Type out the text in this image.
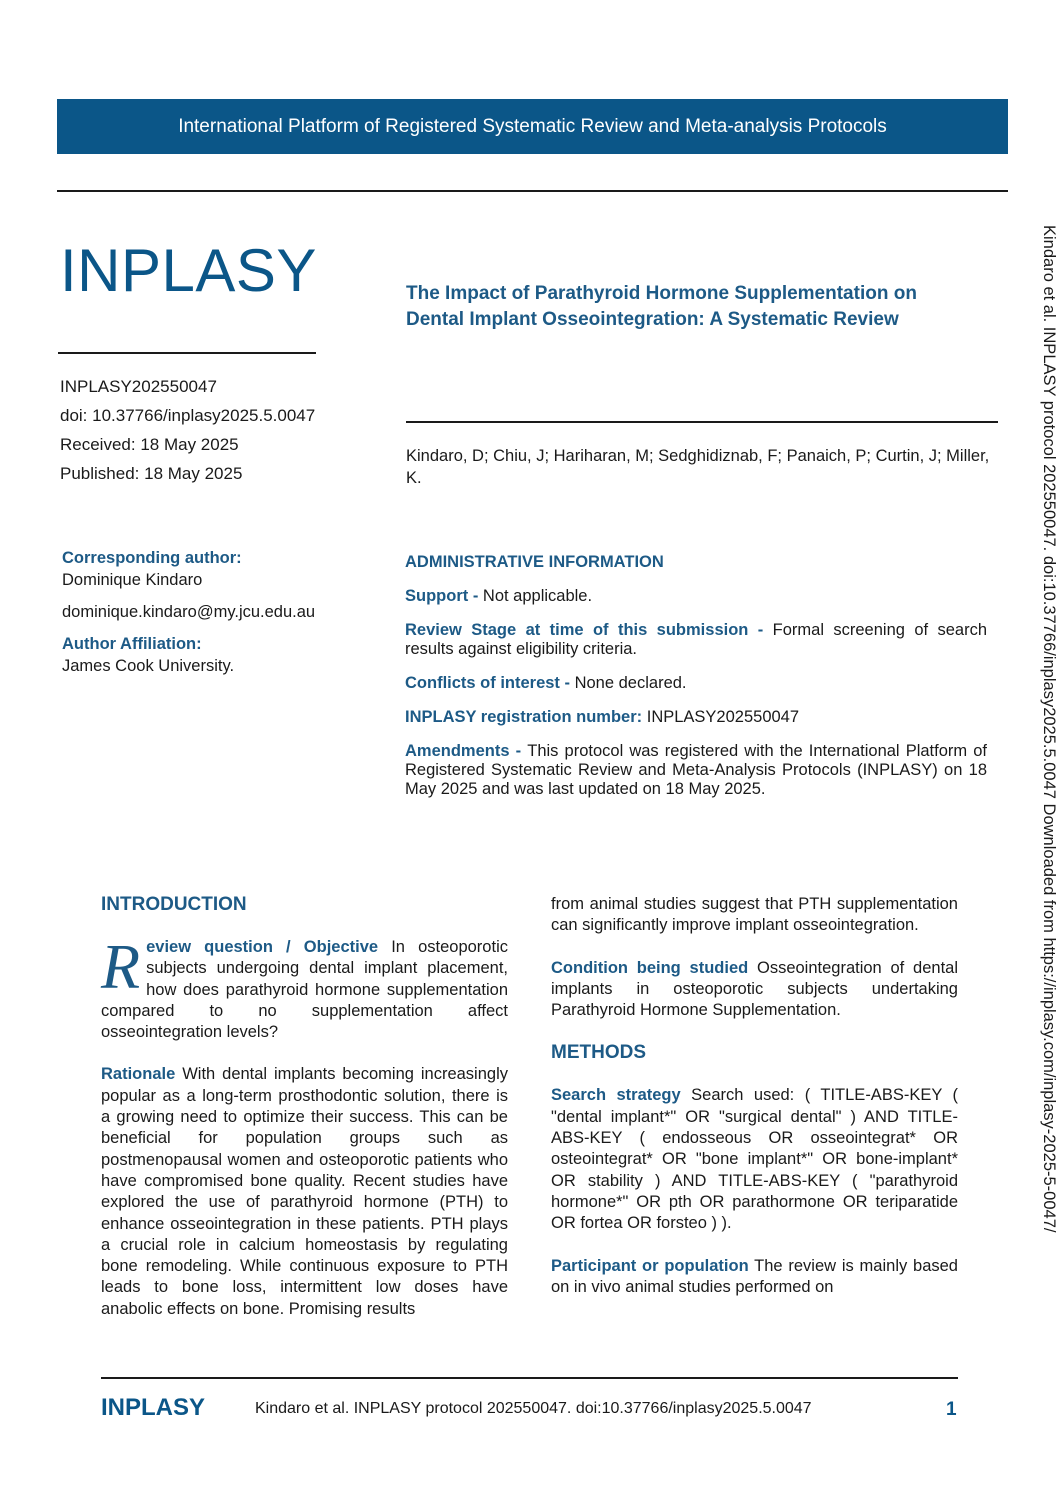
International Platform of Registered Systematic Review and Meta-analysis Protocols
INPLASY
INPLASY202550047
doi: 10.37766/inplasy2025.5.0047
Received: 18 May 2025
Published: 18 May 2025
The Impact of Parathyroid Hormone Supplementation on
Dental Implant Osseointegration: A Systematic Review
Kindaro, D; Chiu, J; Hariharan, M; Sedghidiznab, F; Panaich, P; Curtin, J; Miller, K.
Corresponding author:
Dominique Kindaro
dominique.kindaro@my.jcu.edu.au
Author Affiliation:
James Cook University.
ADMINISTRATIVE INFORMATION

Support - Not applicable.

Review Stage at time of this submission - Formal screening of search results against eligibility criteria.

Conflicts of interest - None declared.

INPLASY registration number: INPLASY202550047

Amendments - This protocol was registered with the International Platform of Registered Systematic Review and Meta-Analysis Protocols (INPLASY) on 18 May 2025 and was last updated on 18 May 2025.

INTRODUCTION

Review question / Objective In osteoporotic subjects undergoing dental implant placement, how does parathyroid hormone supplementation compared to no supplementation affect osseointegration levels?

Rationale With dental implants becoming increasingly popular as a long-term prosthodontic solution, there is a growing need to optimize their success. This can be beneficial for population groups such as postmenopausal women and osteoporotic patients who have compromised bone quality. Recent studies have explored the use of parathyroid hormone (PTH) to enhance osseointegration in these patients. PTH plays a crucial role in calcium homeostasis by regulating bone remodeling. While continuous exposure to PTH leads to bone loss, intermittent low doses have anabolic effects on bone. Promising results

from animal studies suggest that PTH supplementation can significantly improve implant osseointegration.

Condition being studied Osseointegration of dental implants in osteoporotic subjects undertaking Parathyroid Hormone Supplementation.

METHODS

Search strategy Search used: ( TITLE-ABS-KEY ( "dental implant*" OR "surgical dental" ) AND TITLE-ABS-KEY ( endosseous OR osseointegrat* OR osteointegrat* OR "bone implant*" OR bone-implant* OR stability ) AND TITLE-ABS-KEY ( "parathyroid hormone*" OR pth OR parathormone OR teriparatide OR fortea OR forsteo ) ).

Participant or population The review is mainly based on in vivo animal studies performed on

Kindaro et al. INPLASY protocol 202550047. doi:10.37766/inplasy2025.5.0047 Downloaded from https://inplasy.com/inplasy-2025-5-0047/
INPLASY	Kindaro et al. INPLASY protocol 202550047. doi:10.37766/inplasy2025.5.0047	1
